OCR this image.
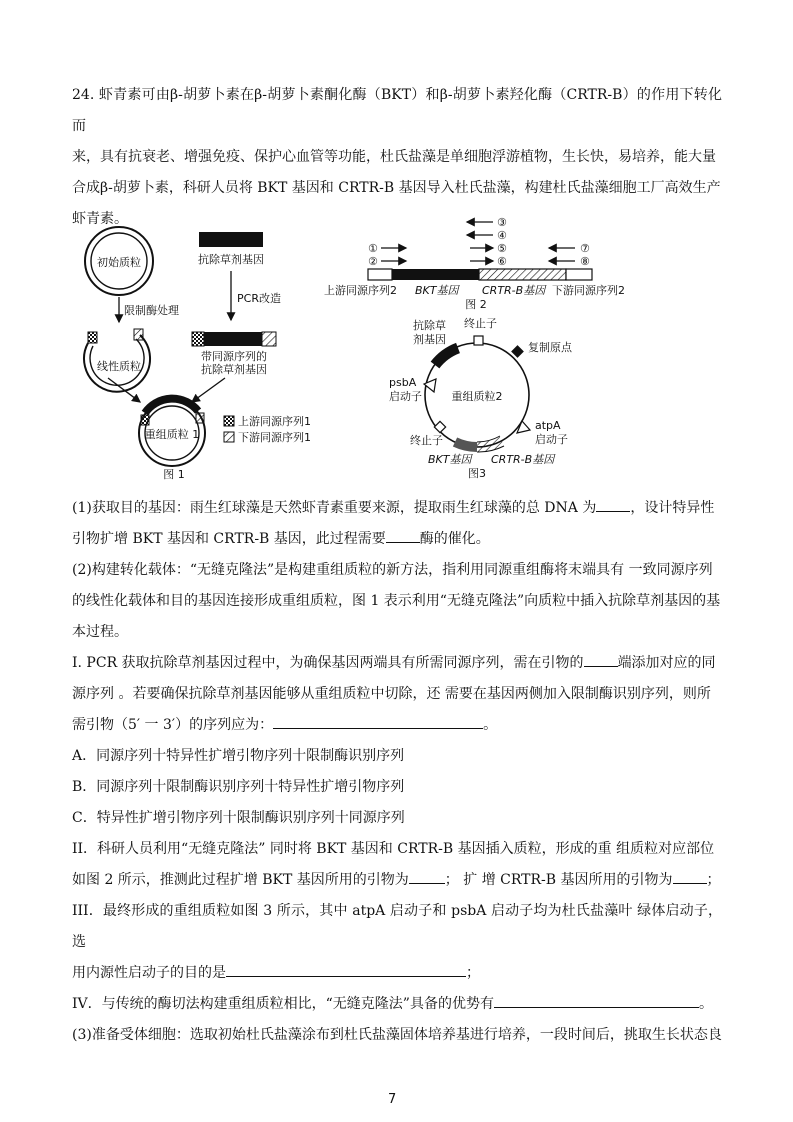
24. 虾青素可由β-胡萝卜素在β-胡萝卜素酮化酶（BKT）和β-胡萝卜素羟化酶（CRTR-B）的作用下转化而
来，具有抗衰老、增强免疫、保护心血管等功能，杜氏盐藻是单细胞浮游植物，生长快，易培养，能大量
合成β-胡萝卜素，科研人员将 BKT 基因和 CRTR-B 基因导入杜氏盐藻，构建杜氏盐藻细胞工厂高效生产
虾青素。
初始质粒
限制酶处理
线性质粒
抗除草剂基因
PCR改造
带同源序列的
抗除草剂基因
重组质粒 1
上游同源序列1
下游同源序列1
图 1
①
②
③
④
⑤
⑥
⑦
⑧
上游同源序列2 BKT基因 CRTR-B基因 下游同源序列2
图 2
重组质粒2
抗除草
剂基因
终止子
复制原点
psbA
启动子
atpA
启动子
终止子
BKT基因 CRTR-B基因
图3
(1)获取目的基因：雨生红球藻是天然虾青素重要来源，提取雨生红球藻的总 DNA 为 ，设计特异性
引物扩增 BKT 基因和 CRTR-B 基因，此过程需要 酶的催化。
(2)构建转化载体：“无缝克隆法”是构建重组质粒的新方法，指利用同源重组酶将末端具有 一致同源序列
的线性化载体和目的基因连接形成重组质粒，图 1 表示利用“无缝克隆法”向质粒中插入抗除草剂基因的基
本过程。
I. PCR 获取抗除草剂基因过程中，为确保基因两端具有所需同源序列，需在引物的 端添加对应的同
源序列 。若要确保抗除草剂基因能够从重组质粒中切除，还 需要在基因两侧加入限制酶识别序列，则所
需引物（5′ 一 3′）的序列应为：	。
A．同源序列十特异性扩增引物序列十限制酶识别序列
B．同源序列十限制酶识别序列十特异性扩增引物序列
C．特异性扩增引物序列十限制酶识别序列十同源序列
II．科研人员利用“无缝克隆法” 同时将 BKT 基因和 CRTR-B 基因插入质粒，形成的重 组质粒对应部位
如图 2 所示，推测此过程扩增 BKT 基因所用的引物为	； 扩 增 CRTR-B 基因所用的引物为 ；
III．最终形成的重组质粒如图 3 所示，其中 atpA 启动子和 psbA 启动子均为杜氏盐藻叶 绿体启动子，选
用内源性启动子的目的是	；
IV．与传统的酶切法构建重组质粒相比，“无缝克隆法”具备的优势有	。
(3)准备受体细胞：选取初始杜氏盐藻涂布到杜氏盐藻固体培养基进行培养，一段时间后，挑取生长状态良
7
